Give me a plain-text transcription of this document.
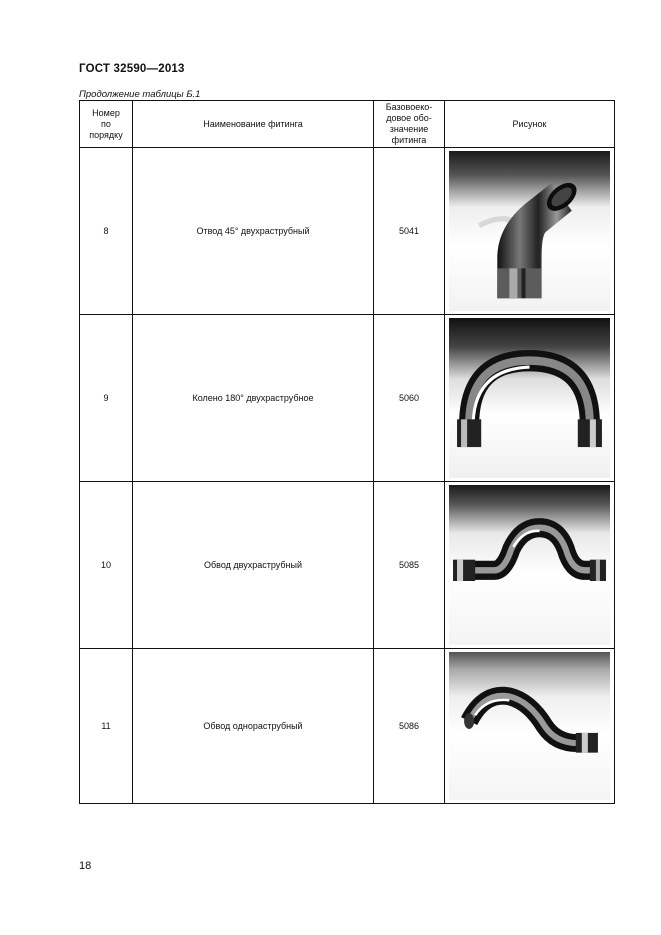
ГОСТ 32590—2013
Продолжение таблицы Б.1
Номер по порядку	Наименование фитинга	Базовоеко-довое обо-значение фитинга	Рисунок
8	Отвод 45° двухраструбный	5041	

9	Колено 180° двухраструбное	5060	

10	Обвод двухраструбный	5085	

11	Обвод однораструбный	5086	
18
